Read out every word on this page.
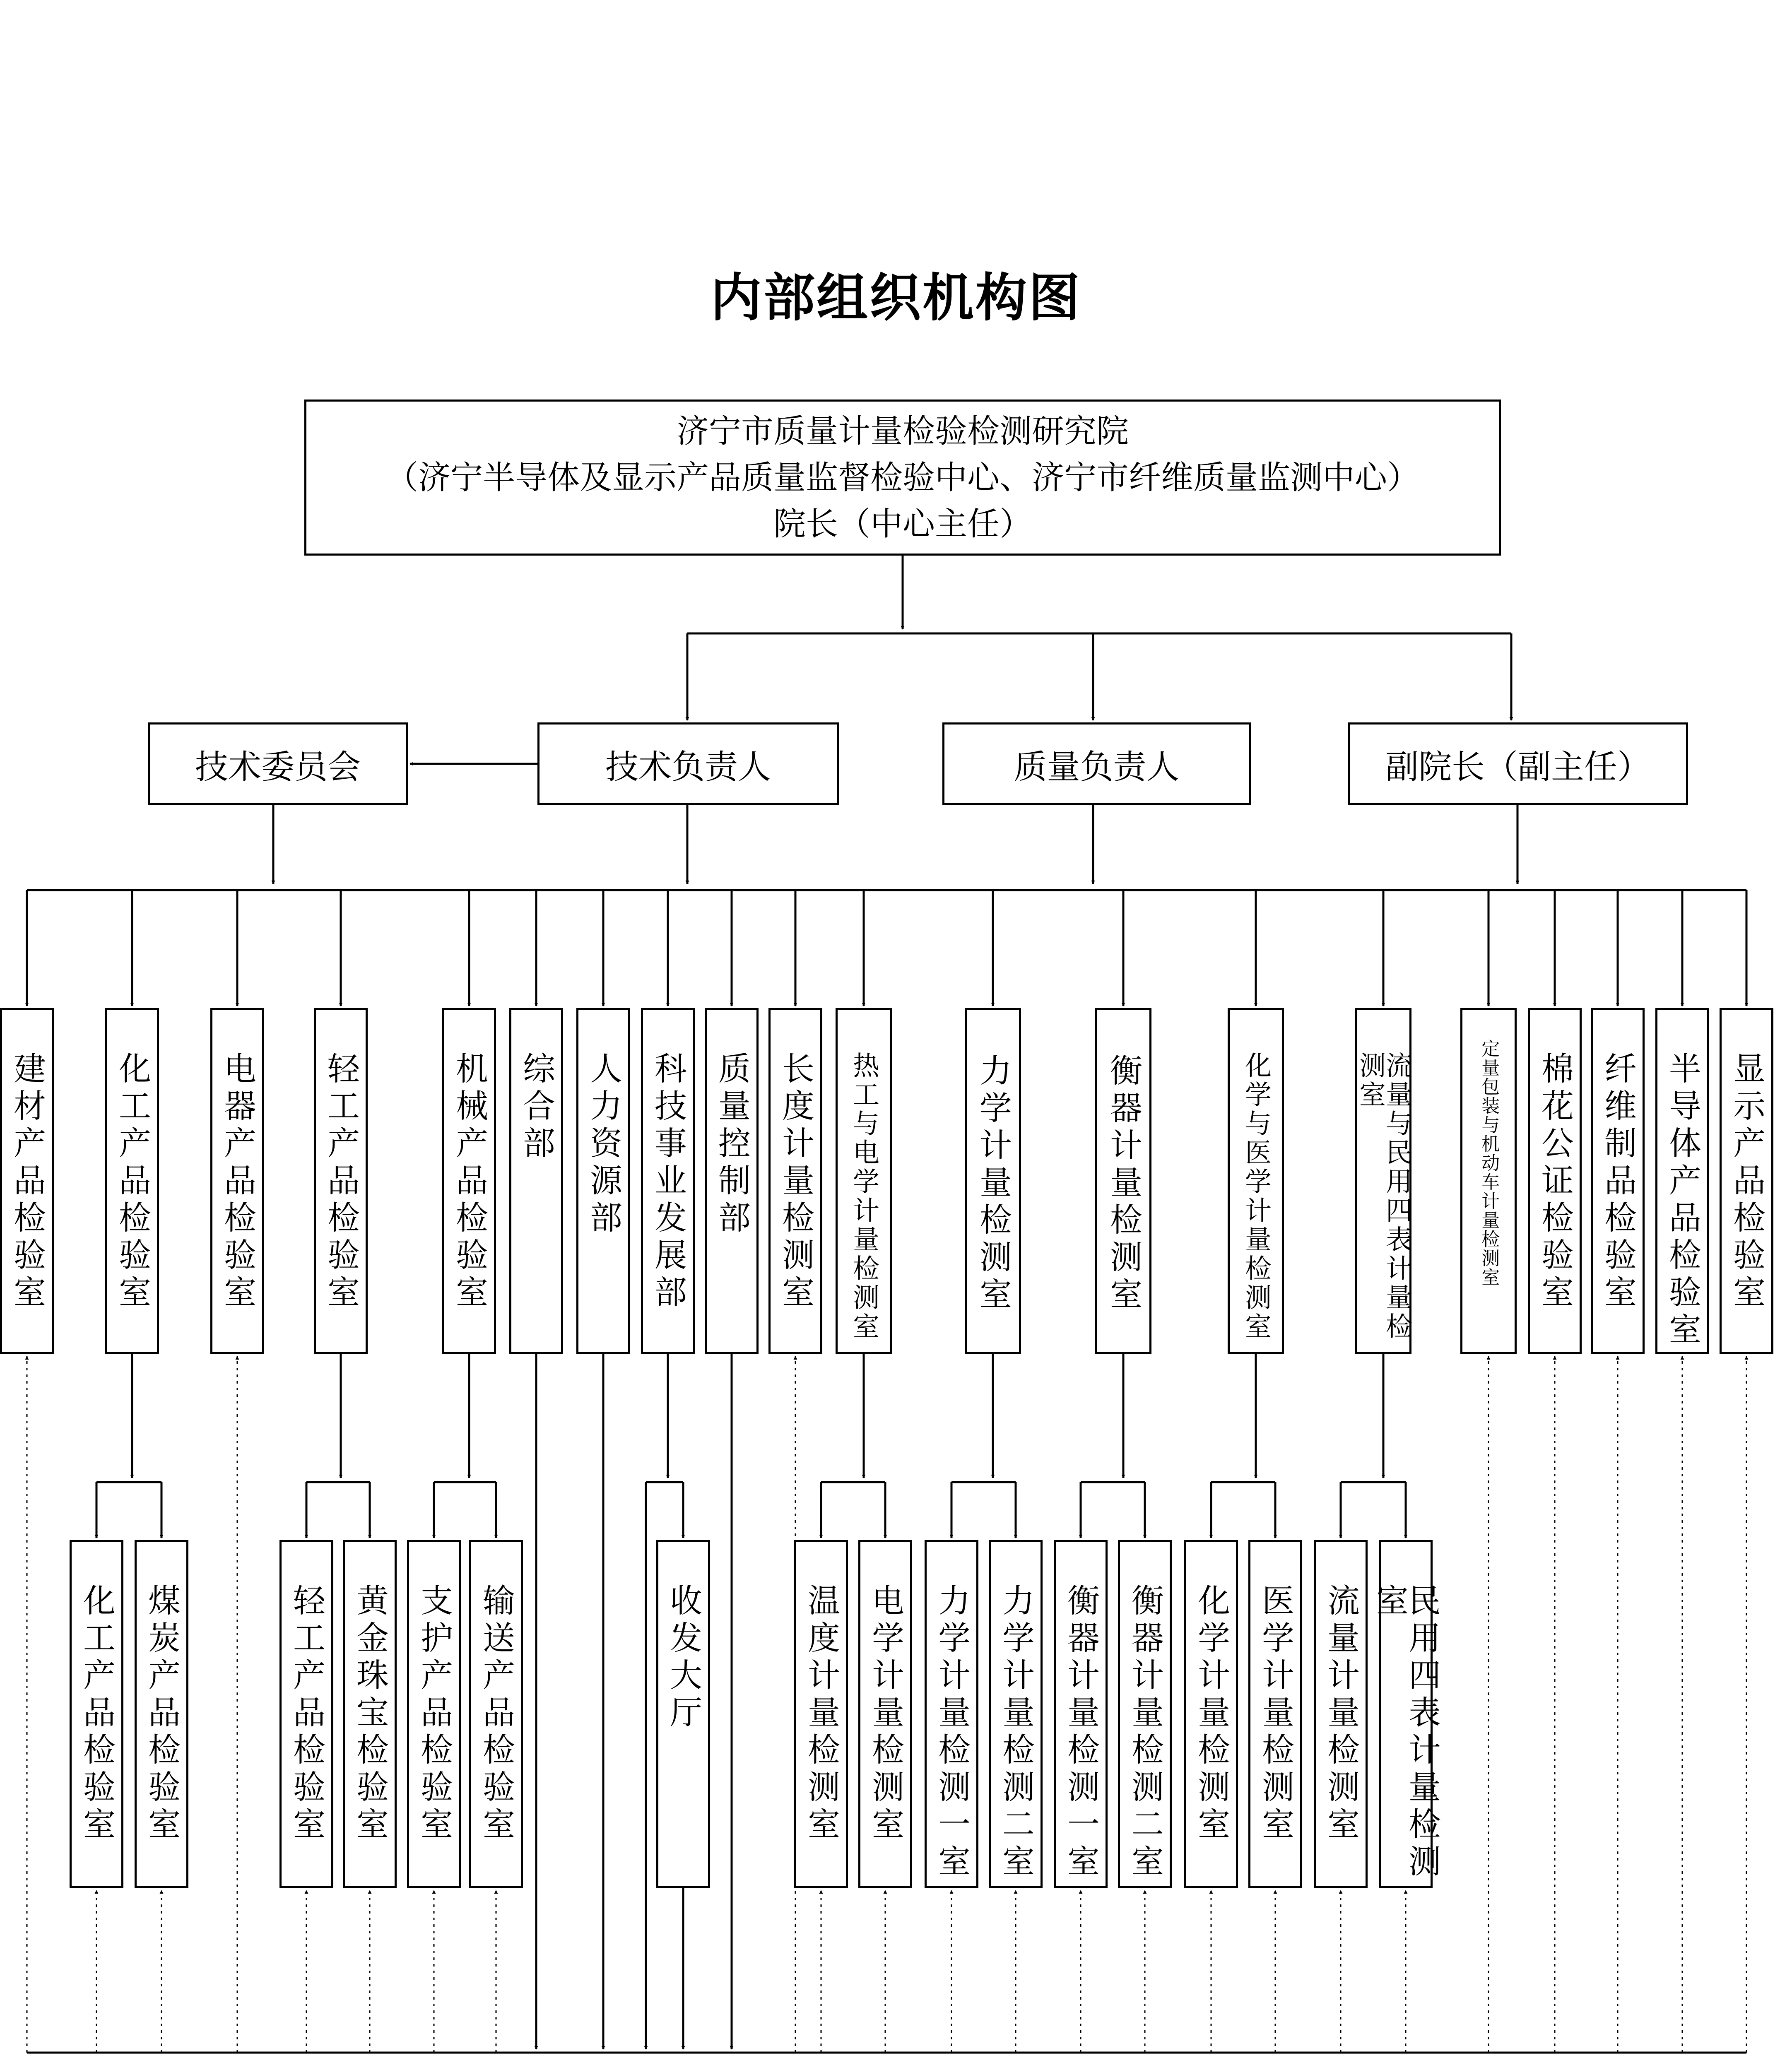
内部组织机构图
济宁市质量计量检验检测研究院
（济宁半导体及显示产品质量监督检验中心、济宁市纤维质量监测中心）
院长（中心主任）
技术委员会	技术负责人	质量负责人	副院长（副主任）
建材产品检验室 化工产品检验室 电器产品检验室 轻工产品检验室	机械产品检验室 综合部 人力资源部 科技事业发展部 质量控制部 长度计量检测室 热工与电学计量检测室	力学计量检测室	衡器计量检测室	化学与医学计量检测室	流量与民用四表计量检测室	定量包装与机动车计量检测室 棉花公证检验室 纤维制品检验室 半导体产品检验室 显示产品检验室
化工产品检验室 煤炭产品检验室	轻工产品检验室 黄金珠宝检验室 支护产品检验室 输送产品检验室	收发大厅	温度计量检测室 电学计量检测室 力学计量检测一室 力学计量检测二室 衡器计量检测一室 衡器计量检测二室 化学计量检测室 医学计量检测室 流量计量检测室	民用四表计量检测室
